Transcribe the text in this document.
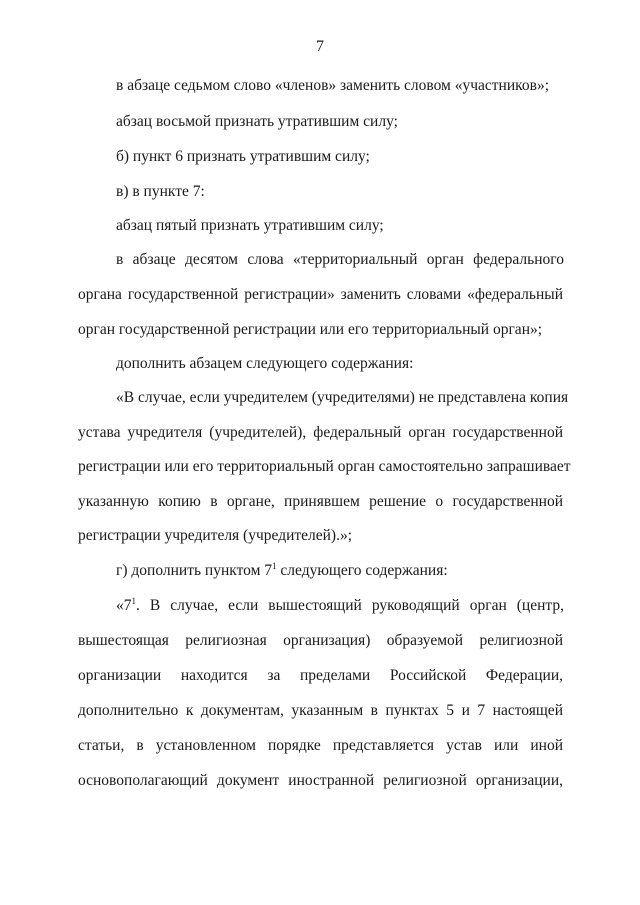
7
в абзаце седьмом слово «членов» заменить словом «участников»;
абзац восьмой признать утратившим силу;
б) пункт 6 признать утратившим силу;
в) в пункте 7:
абзац пятый признать утратившим силу;
в абзаце десятом слова «территориальный орган федерального
органа государственной регистрации» заменить словами «федеральный
орган государственной регистрации или его территориальный орган»;
дополнить абзацем следующего содержания:
«В случае, если учредителем (учредителями) не представлена копия
устава учредителя (учредителей), федеральный орган государственной
регистрации или его территориальный орган самостоятельно запрашивает
указанную копию в органе, принявшем решение о государственной
регистрации учредителя (учредителей).»;
г) дополнить пунктом $7^1$ следующего содержания:
«$7^1$. В случае, если вышестоящий руководящий орган (центр,
вышестоящая религиозная организация) образуемой религиозной
организации находится за пределами Российской Федерации,
дополнительно к документам, указанным в пунктах 5 и 7 настоящей
статьи, в установленном порядке представляется устав или иной
основополагающий документ иностранной религиозной организации,
